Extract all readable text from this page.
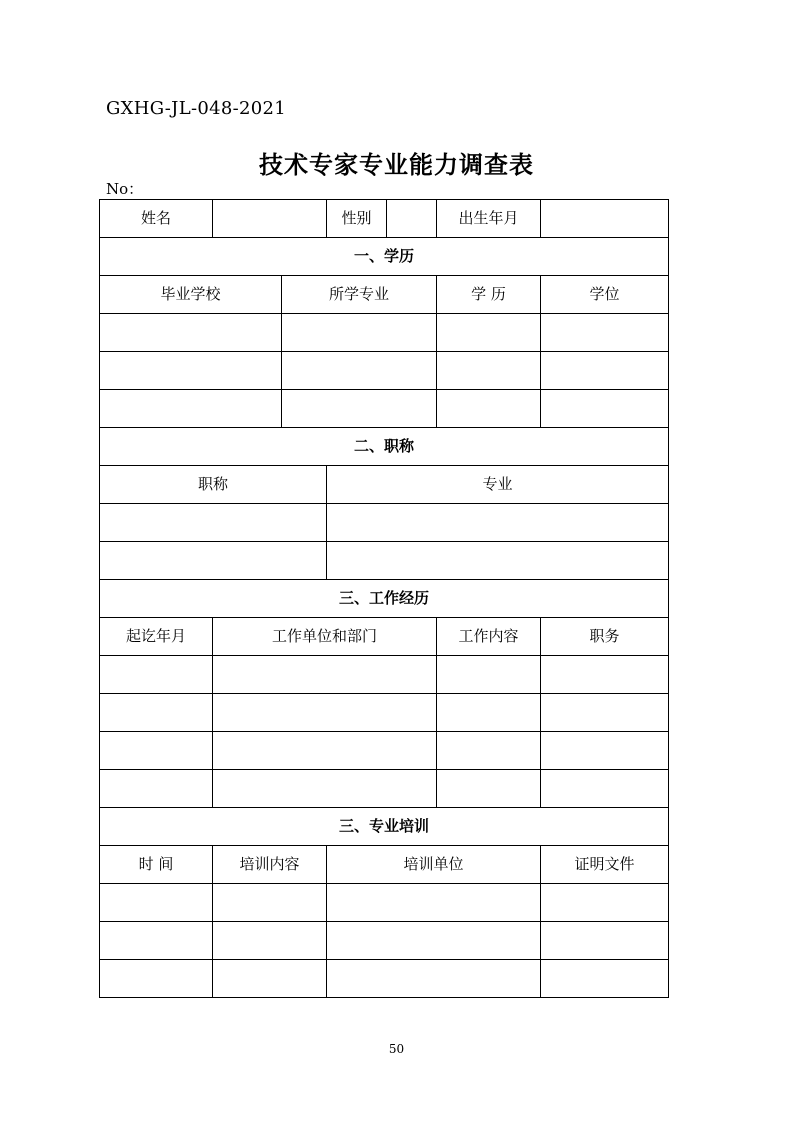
GXHG-JL-048-2021
技术专家专业能力调查表
No：
姓名			性别		出生年月	
一、学历						
毕业学校		所学专业			学 历	学位

二、职称						
职称			专业			

三、工作经历						
起讫年月	工作单位和部门				工作内容	职务

三、专业培训						
时 间	培训内容		培训单位			证明文件

50
